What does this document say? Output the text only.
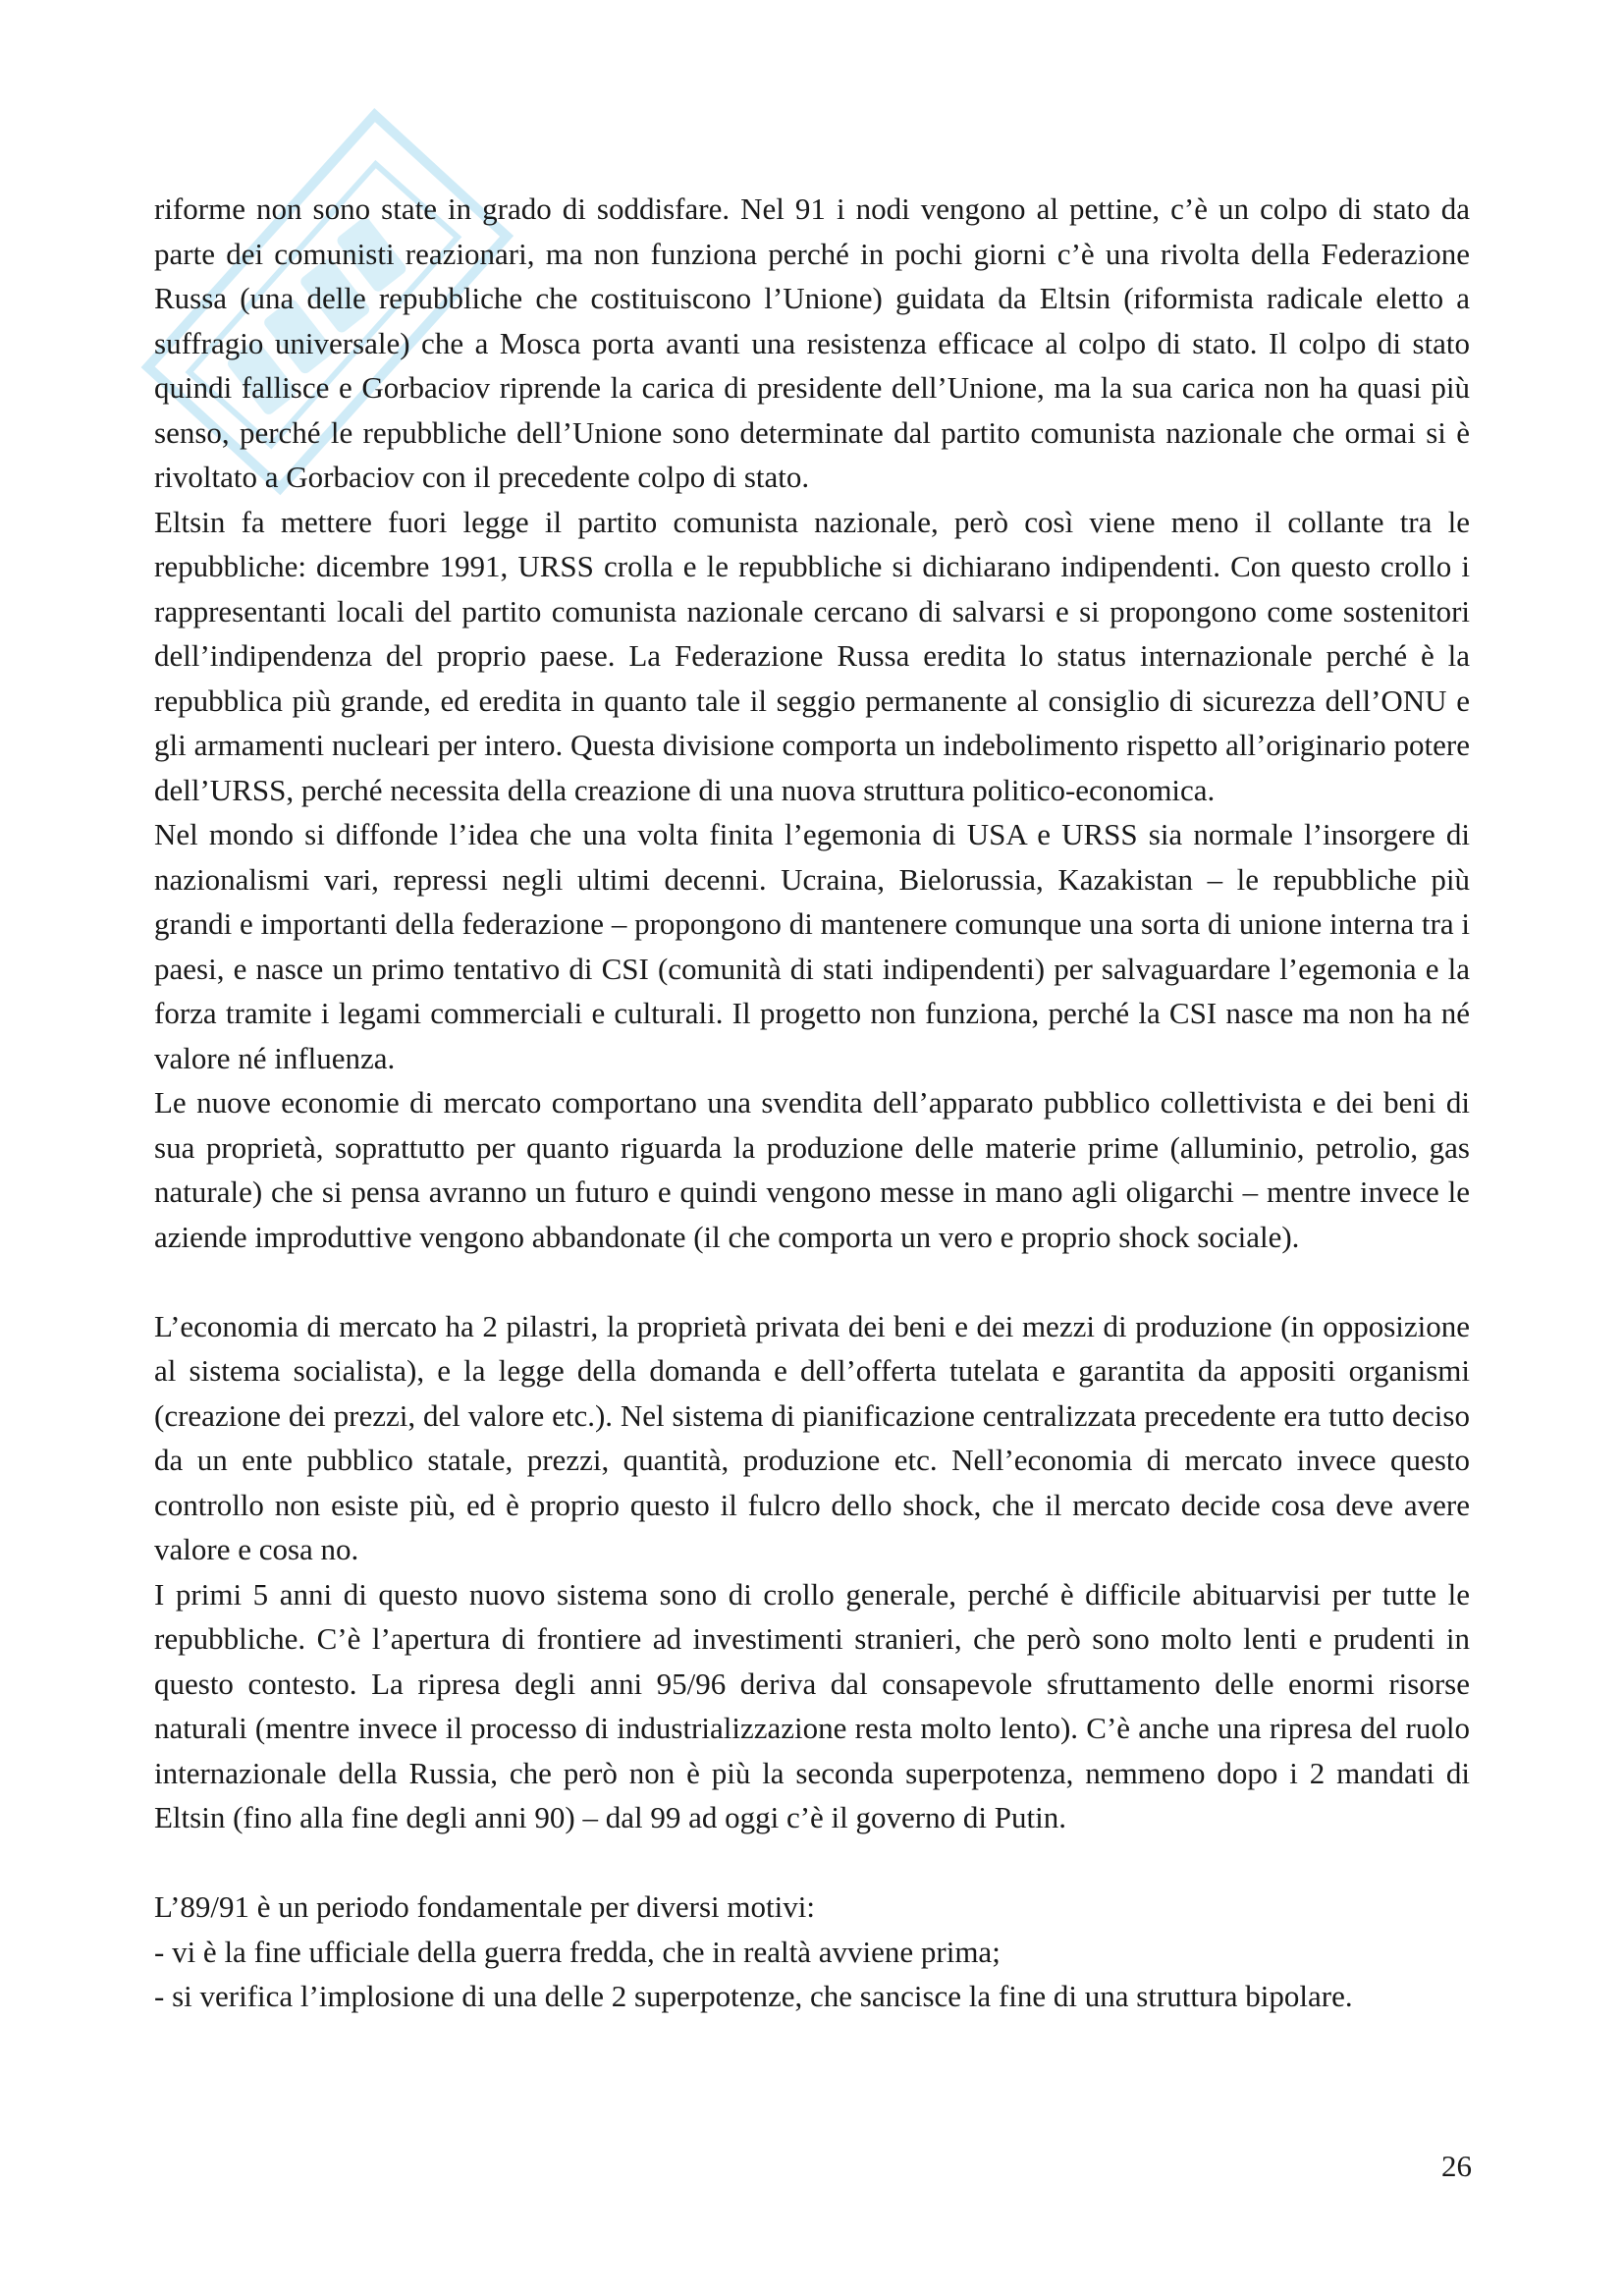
riforme non sono state in grado di soddisfare. Nel 91 i nodi vengono al pettine, c’è un colpo di stato da parte dei comunisti reazionari, ma non funziona perché in pochi giorni c’è una rivolta della Federazione Russa (una delle repubbliche che costituiscono l’Unione) guidata da Eltsin (riformista radicale eletto a suffragio universale) che a Mosca porta avanti una resistenza efficace al colpo di stato. Il colpo di stato quindi fallisce e Gorbaciov riprende la carica di presidente dell’Unione, ma la sua carica non ha quasi più senso, perché le repubbliche dell’Unione sono determinate dal partito comunista nazionale che ormai si è rivoltato a Gorbaciov con il precedente colpo di stato.

Eltsin fa mettere fuori legge il partito comunista nazionale, però così viene meno il collante tra le repubbliche: dicembre 1991, URSS crolla e le repubbliche si dichiarano indipendenti. Con questo crollo i rappresentanti locali del partito comunista nazionale cercano di salvarsi e si propongono come sostenitori dell’indipendenza del proprio paese. La Federazione Russa eredita lo status internazionale perché è la repubblica più grande, ed eredita in quanto tale il seggio permanente al consiglio di sicurezza dell’ONU e gli armamenti nucleari per intero. Questa divisione comporta un indebolimento rispetto all’originario potere dell’URSS, perché necessita della creazione di una nuova struttura politico-economica.

Nel mondo si diffonde l’idea che una volta finita l’egemonia di USA e URSS sia normale l’insorgere di nazionalismi vari, repressi negli ultimi decenni. Ucraina, Bielorussia, Kazakistan – le repubbliche più grandi e importanti della federazione – propongono di mantenere comunque una sorta di unione interna tra i paesi, e nasce un primo tentativo di CSI (comunità di stati indipendenti) per salvaguardare l’egemonia e la forza tramite i legami commerciali e culturali. Il progetto non funziona, perché la CSI nasce ma non ha né valore né influenza.

Le nuove economie di mercato comportano una svendita dell’apparato pubblico collettivista e dei beni di sua proprietà, soprattutto per quanto riguarda la produzione delle materie prime (alluminio, petrolio, gas naturale) che si pensa avranno un futuro e quindi vengono messe in mano agli oligarchi – mentre invece le aziende improduttive vengono abbandonate (il che comporta un vero e proprio shock sociale).

L’economia di mercato ha 2 pilastri, la proprietà privata dei beni e dei mezzi di produzione (in opposizione al sistema socialista), e la legge della domanda e dell’offerta tutelata e garantita da appositi organismi (creazione dei prezzi, del valore etc.). Nel sistema di pianificazione centralizzata precedente era tutto deciso da un ente pubblico statale, prezzi, quantità, produzione etc. Nell’economia di mercato invece questo controllo non esiste più, ed è proprio questo il fulcro dello shock, che il mercato decide cosa deve avere valore e cosa no.

I primi 5 anni di questo nuovo sistema sono di crollo generale, perché è difficile abituarvisi per tutte le repubbliche. C’è l’apertura di frontiere ad investimenti stranieri, che però sono molto lenti e prudenti in questo contesto. La ripresa degli anni 95/96 deriva dal consapevole sfruttamento delle enormi risorse naturali (mentre invece il processo di industrializzazione resta molto lento). C’è anche una ripresa del ruolo internazionale della Russia, che però non è più la seconda superpotenza, nemmeno dopo i 2 mandati di Eltsin (fino alla fine degli anni 90) – dal 99 ad oggi c’è il governo di Putin.

L’89/91 è un periodo fondamentale per diversi motivi:

- vi è la fine ufficiale della guerra fredda, che in realtà avviene prima;

- si verifica l’implosione di una delle 2 superpotenze, che sancisce la fine di una struttura bipolare.

26
